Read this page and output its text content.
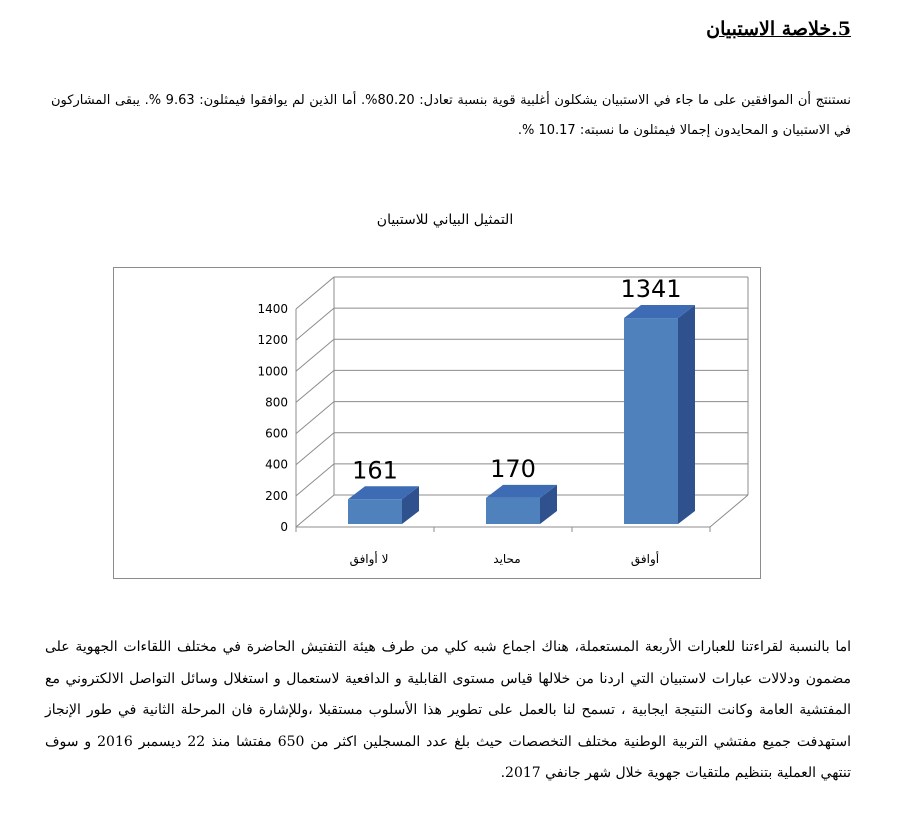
5.خلاصة الاستبيان

نستنتج أن الموافقين على ما جاء في الاستبيان يشكلون أغلبية قوية بنسبة تعادل: 80.20%. أما الذين لم يوافقوا فيمثلون: 9.63 %. يبقى المشاركون في الاستبيان و المحايدون إجمالا فيمثلون ما نسبته: 10.17 %.

التمثيل البياني للاستبيان
0
200
400
600
800
1000
1200
1400
161
لا أوافق
170
محايد
1341
أوافق

اما بالنسبة لقراءتنا للعبارات الأربعة المستعملة، هناك اجماع شبه كلي من طرف هيئة التفتيش الحاضرة في مختلف اللقاءات الجهوية على مضمون ودلالات عبارات لاستبيان التي اردنا من خلالها قياس مستوى القابلية و الدافعية لاستعمال و استغلال وسائل التواصل الالكتروني مع المفتشية العامة وكانت النتيجة ايجابية ، تسمح لنا بالعمل على تطوير هذا الأسلوب مستقبلا ،وللإشارة فان المرحلة الثانية في طور الإنجاز استهدفت جميع مفتشي التربية الوطنية مختلف التخصصات حيث بلغ عدد المسجلين اكثر من 650 مفتشا منذ 22 ديسمبر 2016 و سوف تنتهي العملية بتنظيم ملتقيات جهوية خلال شهر جانفي 2017.
